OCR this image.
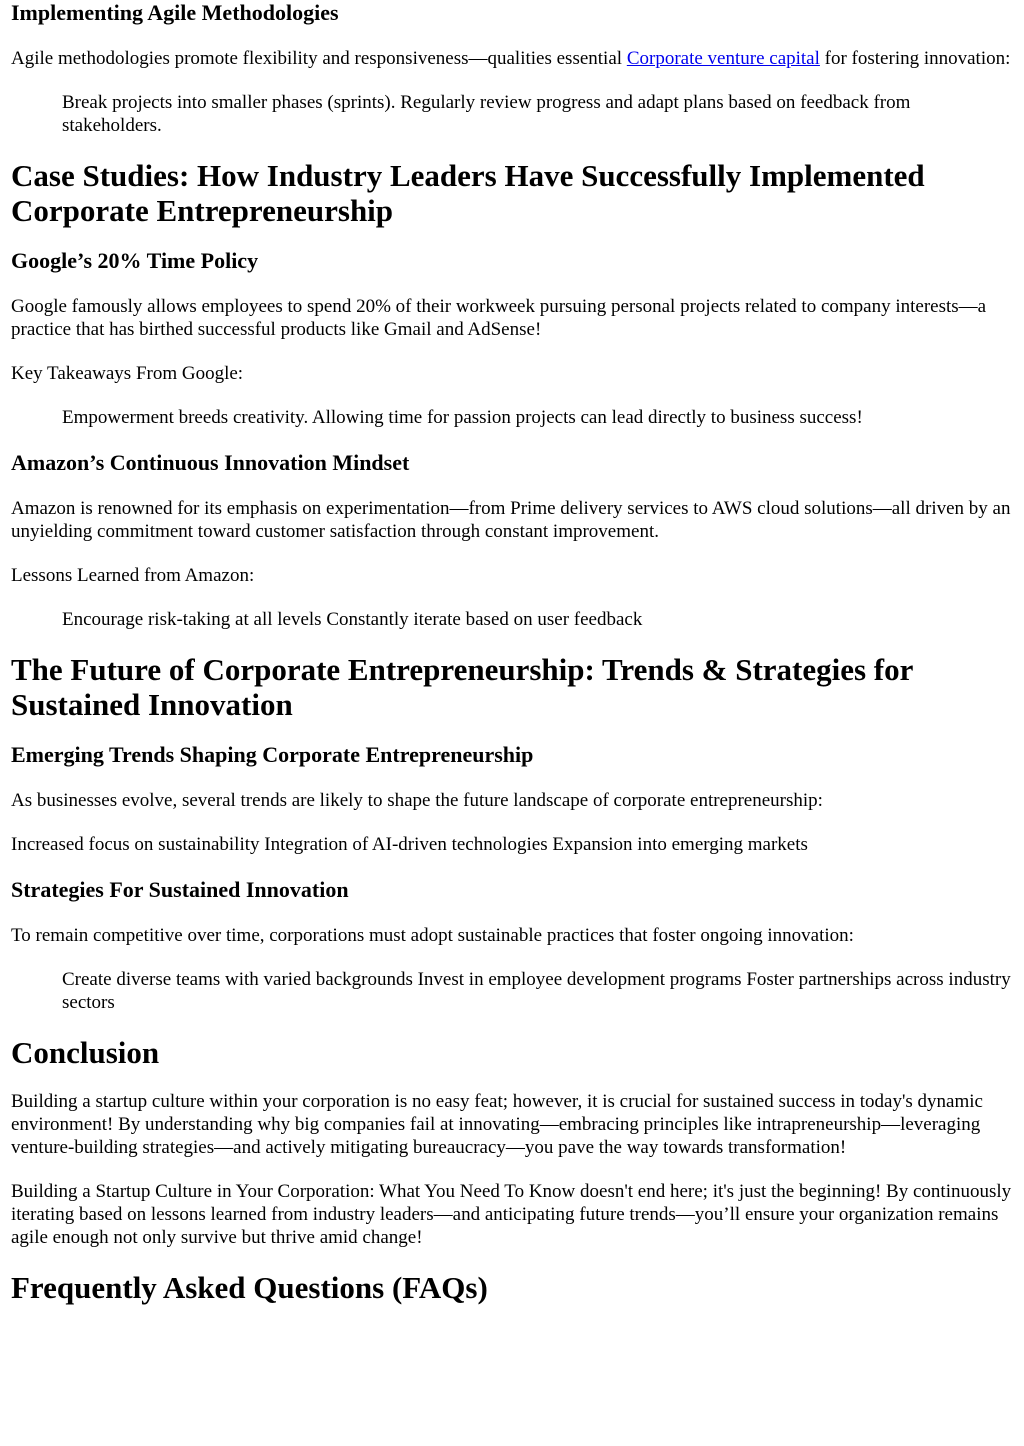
Implementing Agile Methodologies

Agile methodologies promote flexibility and responsiveness—qualities essential Corporate venture capital for fostering innovation:

Break projects into smaller phases (sprints). Regularly review progress and adapt plans based on feedback from stakeholders.
Case Studies: How Industry Leaders Have Successfully Implemented Corporate Entrepreneurship
Google’s 20% Time Policy

Google famously allows employees to spend 20% of their workweek pursuing personal projects related to company interests—a practice that has birthed successful products like Gmail and AdSense!

Key Takeaways From Google:

Empowerment breeds creativity. Allowing time for passion projects can lead directly to business success!
Amazon’s Continuous Innovation Mindset

Amazon is renowned for its emphasis on experimentation—from Prime delivery services to AWS cloud solutions—all driven by an unyielding commitment toward customer satisfaction through constant improvement.

Lessons Learned from Amazon:

Encourage risk-taking at all levels Constantly iterate based on user feedback
The Future of Corporate Entrepreneurship: Trends & Strategies for Sustained Innovation
Emerging Trends Shaping Corporate Entrepreneurship

As businesses evolve, several trends are likely to shape the future landscape of corporate entrepreneurship:

Increased focus on sustainability Integration of AI-driven technologies Expansion into emerging markets

Strategies For Sustained Innovation

To remain competitive over time, corporations must adopt sustainable practices that foster ongoing innovation:

Create diverse teams with varied backgrounds Invest in employee development programs Foster partnerships across industry sectors
Conclusion

Building a startup culture within your corporation is no easy feat; however, it is crucial for sustained success in today's dynamic environment! By understanding why big companies fail at innovating—embracing principles like intrapreneurship—leveraging venture-building strategies—and actively mitigating bureaucracy—you pave the way towards transformation!

Building a Startup Culture in Your Corporation: What You Need To Know doesn't end here; it's just the beginning! By continuously iterating based on lessons learned from industry leaders—and anticipating future trends—you’ll ensure your organization remains agile enough not only survive but thrive amid change!

Frequently Asked Questions (FAQs)
